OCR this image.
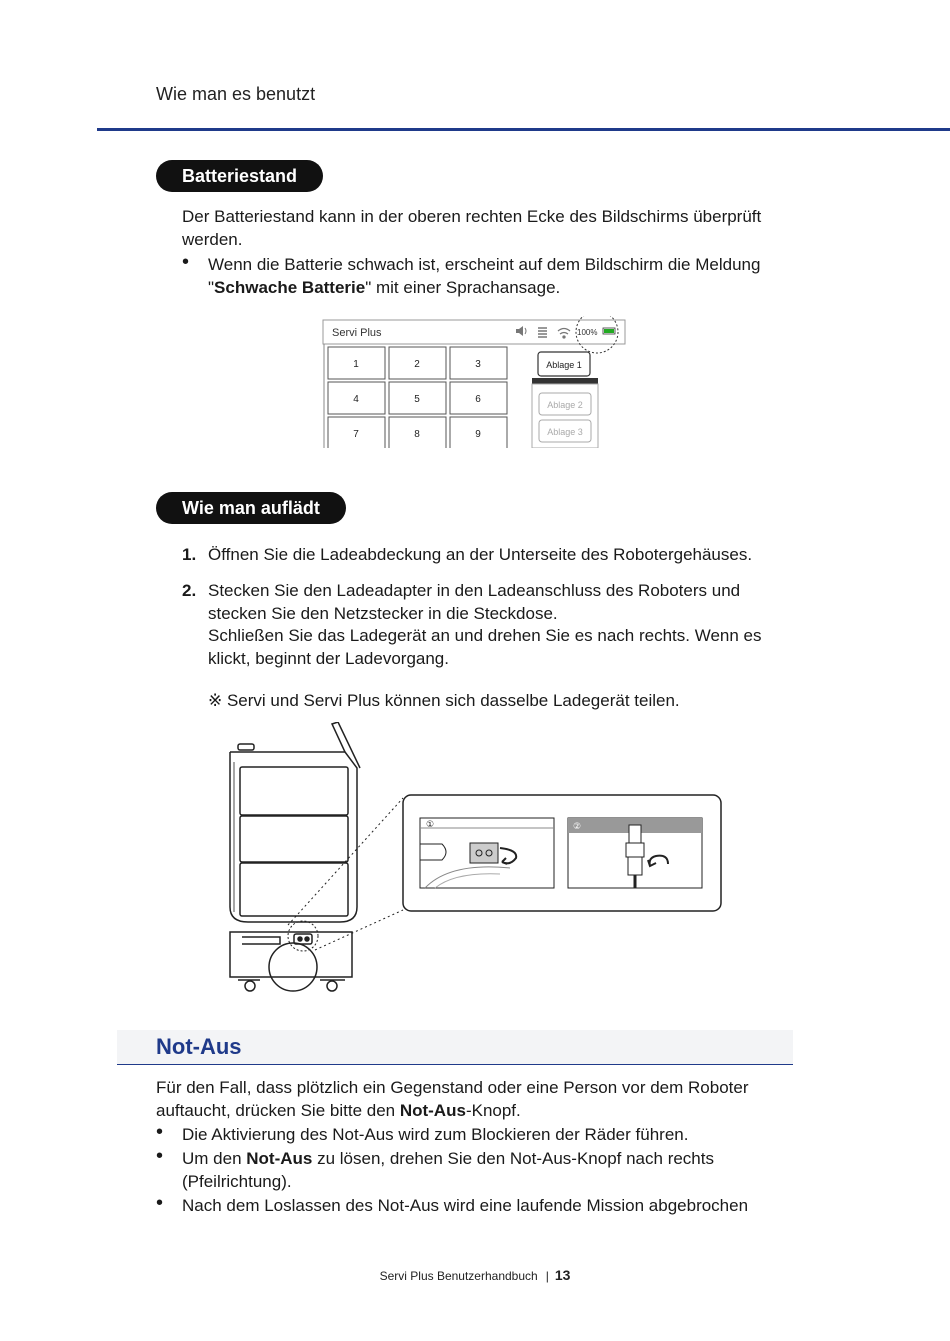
Wie man es benutzt
Batteriestand
Der Batteriestand kann in der oberen rechten Ecke des Bildschirms überprüft werden.
• Wenn die Batterie schwach ist, erscheint auf dem Bildschirm die Meldung "Schwache Batterie" mit einer Sprachansage.
Servi Plus	100%
1	2	3
4	5	6
7	8	9
Ablage 1
Ablage 2
Ablage 3
Wie man auflädt
1. Öffnen Sie die Ladeabdeckung an der Unterseite des Robotergehäuses.
2. Stecken Sie den Ladeadapter in den Ladeanschluss des Roboters und stecken Sie den Netzstecker in die Steckdose.
Schließen Sie das Ladegerät an und drehen Sie es nach rechts. Wenn es klickt, beginnt der Ladevorgang.
※ Servi und Servi Plus können sich dasselbe Ladegerät teilen.
①	②
Not-Aus
Für den Fall, dass plötzlich ein Gegenstand oder eine Person vor dem Roboter auftaucht, drücken Sie bitte den Not-Aus-Knopf.
• Die Aktivierung des Not-Aus wird zum Blockieren der Räder führen.
• Um den Not-Aus zu lösen, drehen Sie den Not-Aus-Knopf nach rechts (Pfeilrichtung).
• Nach dem Loslassen des Not-Aus wird eine laufende Mission abgebrochen
Servi Plus Benutzerhandbuch | 13
